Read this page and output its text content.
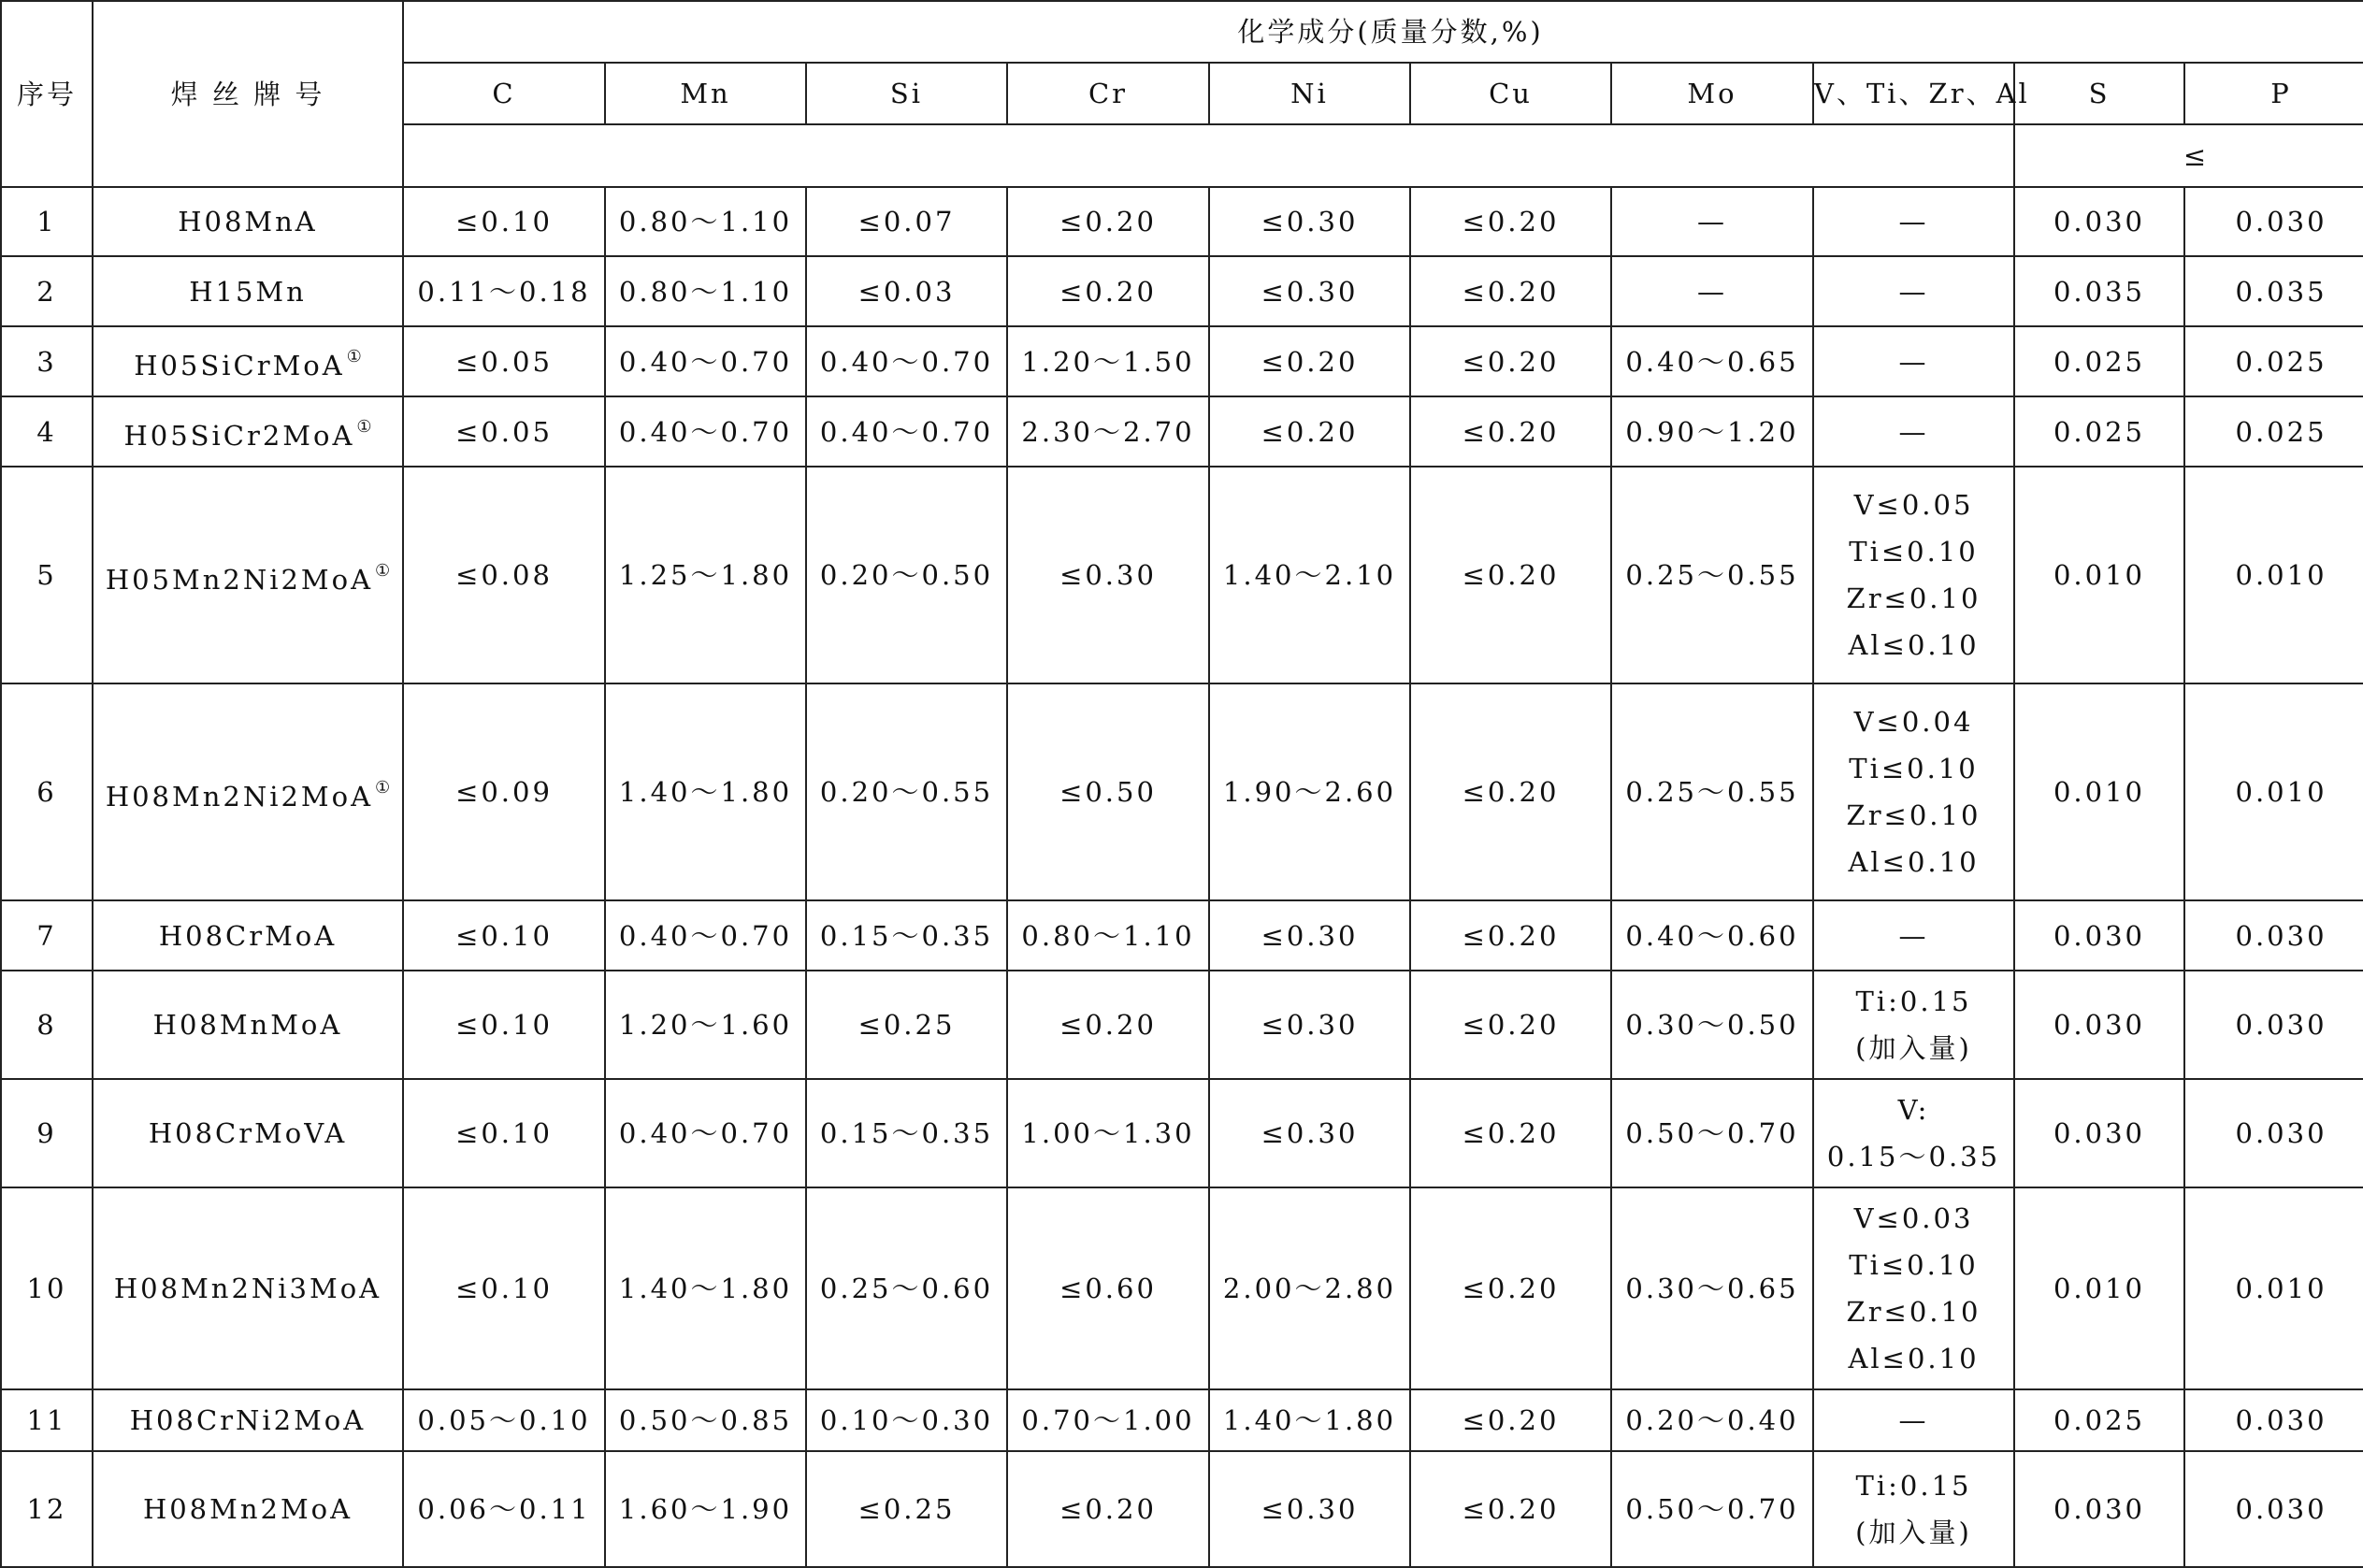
序号	焊 丝 牌 号	化学成分(质量分数,%)									
		C	Mn	Si	Cr	Ni	Cu	Mo	V、Ti、Zr、Al	S	P
										≤	
1	H08MnA	≤0.10	0.80～1.10	≤0.07	≤0.20	≤0.30	≤0.20	—	—	0.030	0.030
2	H15Mn	0.11～0.18	0.80～1.10	≤0.03	≤0.20	≤0.30	≤0.20	—	—	0.035	0.035
3	H05SiCrMoA ①	≤0.05	0.40～0.70	0.40～0.70	1.20～1.50	≤0.20	≤0.20	0.40～0.65	—	0.025	0.025
4	H05SiCr2MoA ①	≤0.05	0.40～0.70	0.40～0.70	2.30～2.70	≤0.20	≤0.20	0.90～1.20	—	0.025	0.025
5	H05Mn2Ni2MoA ①	≤0.08	1.25～1.80	0.20～0.50	≤0.30	1.40～2.10	≤0.20	0.25～0.55	V≤0.05
Ti≤0.10
Zr≤0.10
Al≤0.10	0.010	0.010
6	H08Mn2Ni2MoA ①	≤0.09	1.40～1.80	0.20～0.55	≤0.50	1.90～2.60	≤0.20	0.25～0.55	V≤0.04
Ti≤0.10
Zr≤0.10
Al≤0.10	0.010	0.010
7	H08CrMoA	≤0.10	0.40～0.70	0.15～0.35	0.80～1.10	≤0.30	≤0.20	0.40～0.60	—	0.030	0.030
8	H08MnMoA	≤0.10	1.20～1.60	≤0.25	≤0.20	≤0.30	≤0.20	0.30～0.50	Ti:0.15
(加入量)	0.030	0.030
9	H08CrMoVA	≤0.10	0.40～0.70	0.15～0.35	1.00～1.30	≤0.30	≤0.20	0.50～0.70	V:
0.15～0.35	0.030	0.030
10	H08Mn2Ni3MoA	≤0.10	1.40～1.80	0.25～0.60	≤0.60	2.00～2.80	≤0.20	0.30～0.65	V≤0.03
Ti≤0.10
Zr≤0.10
Al≤0.10	0.010	0.010
11	H08CrNi2MoA	0.05～0.10	0.50～0.85	0.10～0.30	0.70～1.00	1.40～1.80	≤0.20	0.20～0.40	—	0.025	0.030
12	H08Mn2MoA	0.06～0.11	1.60～1.90	≤0.25	≤0.20	≤0.30	≤0.20	0.50～0.70	Ti:0.15
(加入量)	0.030	0.030
